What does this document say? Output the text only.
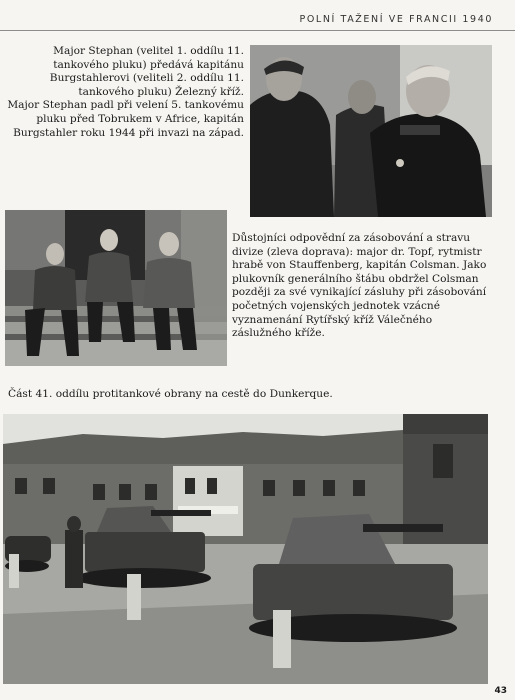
POLNÍ TAŽENÍ VE FRANCII 1940

Major Stephan (velitel 1. oddílu 11. tankového pluku) předává kapitánu Burgstahlerovi (veliteli 2. oddílu 11. tankového pluku) Železný kříž.

Major Stephan padl při velení 5. tankovému pluku před Tobrukem v Africe, kapitán Burgstahler roku 1944 při invazi na západ.

Důstojníci odpovědní za zásobování a stravu divize (zleva doprava): major dr. Topf, rytmistr hrabě von Stauffenberg, kapitán Colsman. Jako plukovník generálního štábu obdržel Colsman později za své vynikající zásluhy při zásobování početných vojenských jednotek vzácné vyznamenání Rytířský kříž Válečného záslužného kříže.
Část 41. oddílu protitankové obrany na cestě do Dunkerque.
43
